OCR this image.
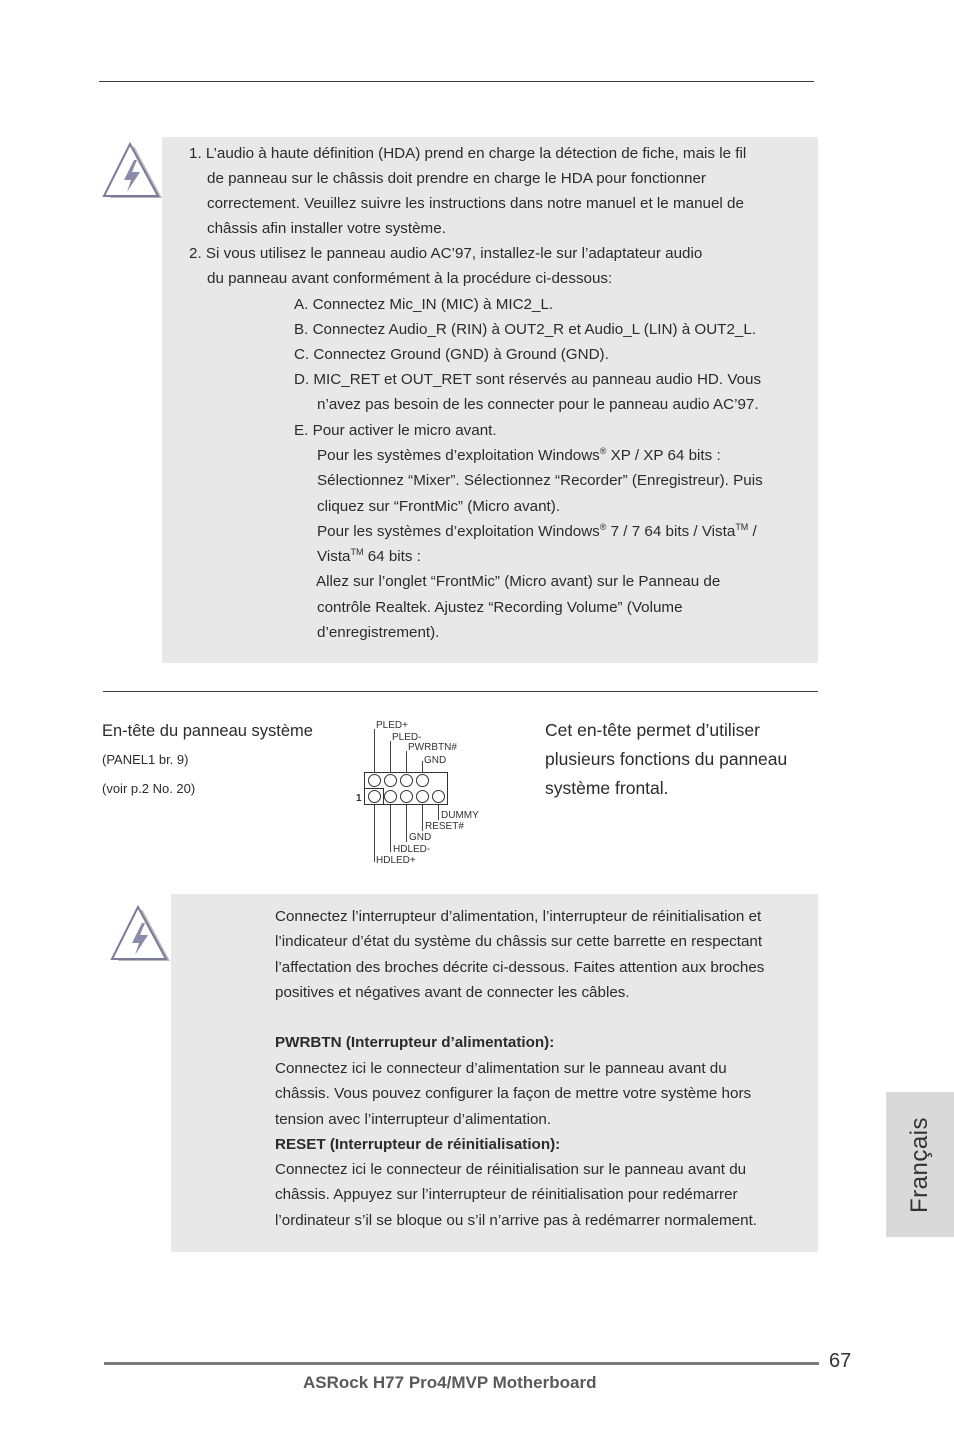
1. L’audio à haute définition (HDA) prend en charge la détection de fiche, mais le fil
de panneau sur le châssis doit prendre en charge le HDA pour fonctionner
correctement. Veuillez suivre les instructions dans notre manuel et le manuel de
châssis afin installer votre système.
2. Si vous utilisez le panneau audio AC’97, installez-le sur l’adaptateur audio
du panneau avant conformément à la procédure ci-dessous:
A. Connectez Mic_IN (MIC) à MIC2_L.
B. Connectez Audio_R (RIN) à OUT2_R et Audio_L (LIN) à OUT2_L.
C. Connectez Ground (GND) à Ground (GND).
D. MIC_RET et OUT_RET sont réservés au panneau audio HD. Vous
n’avez pas besoin de les connecter pour le panneau audio AC’97.
E. Pour activer le micro avant.
Pour les systèmes d’exploitation Windows® XP / XP 64 bits :
Sélectionnez “Mixer”. Sélectionnez “Recorder” (Enregistreur). Puis
cliquez sur “FrontMic” (Micro avant).
Pour les systèmes d’exploitation Windows® 7 / 7 64 bits / Vista™ /
Vista™ 64 bits :
Allez sur l’onglet “FrontMic” (Micro avant) sur le Panneau de
contrôle Realtek. Ajustez “Recording Volume” (Volume
d’enregistrement).
En-tête du panneau système
(PANEL1 br. 9)
(voir p.2 No. 20)
Cet en-tête permet d’utiliser
plusieurs fonctions du panneau
système frontal.
PLED+
PLED-
PWRBTN#
GND
1
DUMMY
RESET#
GND
HDLED-
HDLED+
Connectez l’interrupteur d’alimentation, l’interrupteur de réinitialisation et
l’indicateur d’état du système du châssis sur cette barrette en respectant
l’affectation des broches décrite ci-dessous. Faites attention aux broches
positives et négatives avant de connecter les câbles.
PWRBTN (Interrupteur d’alimentation):
Connectez ici le connecteur d’alimentation sur le panneau avant du
châssis. Vous pouvez configurer la façon de mettre votre système hors
tension avec l’interrupteur d’alimentation.
RESET (Interrupteur de réinitialisation):
Connectez ici le connecteur de réinitialisation sur le panneau avant du
châssis. Appuyez sur l’interrupteur de réinitialisation pour redémarrer
l’ordinateur s’il se bloque ou s’il n’arrive pas à redémarrer normalement.
Français
67
ASRock H77 Pro4/MVP Motherboard
